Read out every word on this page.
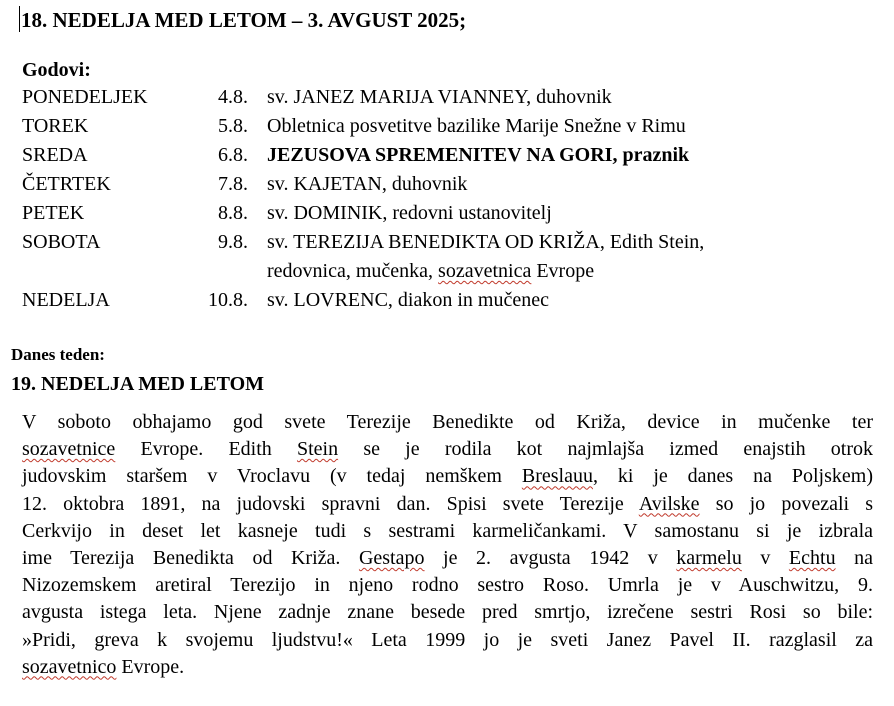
18. NEDELJA MED LETOM – 3. AVGUST 2025;
Godovi:
PONEDELJEK	4.8. sv. JANEZ MARIJA VIANNEY, duhovnik
TOREK	5.8. Obletnica posvetitve bazilike Marije Snežne v Rimu
SREDA	6.8. JEZUSOVA SPREMENITEV NA GORI, praznik
ČETRTEK	7.8. sv. KAJETAN, duhovnik
PETEK	8.8. sv. DOMINIK, redovni ustanovitelj
SOBOTA	9.8. sv. TEREZIJA BENEDIKTA OD KRIŽA, Edith Stein,
redovnica, mučenka, sozavetnica Evrope
NEDELJA	10.8. sv. LOVRENC, diakon in mučenec
Danes teden:
19. NEDELJA MED LETOM
V soboto obhajamo god svete Terezije Benedikte od Križa, device in mučenke ter
sozavetnice Evrope. Edith Stein se je rodila kot najmlajša izmed enajstih otrok
judovskim staršem v Vroclavu (v tedaj nemškem Breslauu, ki je danes na Poljskem)
12. oktobra 1891, na judovski spravni dan. Spisi svete Terezije Avilske so jo povezali s
Cerkvijo in deset let kasneje tudi s sestrami karmeličankami. V samostanu si je izbrala
ime Terezija Benedikta od Križa. Gestapo je 2. avgusta 1942 v karmelu v Echtu na
Nizozemskem aretiral Terezijo in njeno rodno sestro Roso. Umrla je v Auschwitzu, 9.
avgusta istega leta. Njene zadnje znane besede pred smrtjo, izrečene sestri Rosi so bile:
»Pridi, greva k svojemu ljudstvu!« Leta 1999 jo je sveti Janez Pavel II. razglasil za
sozavetnico Evrope.
